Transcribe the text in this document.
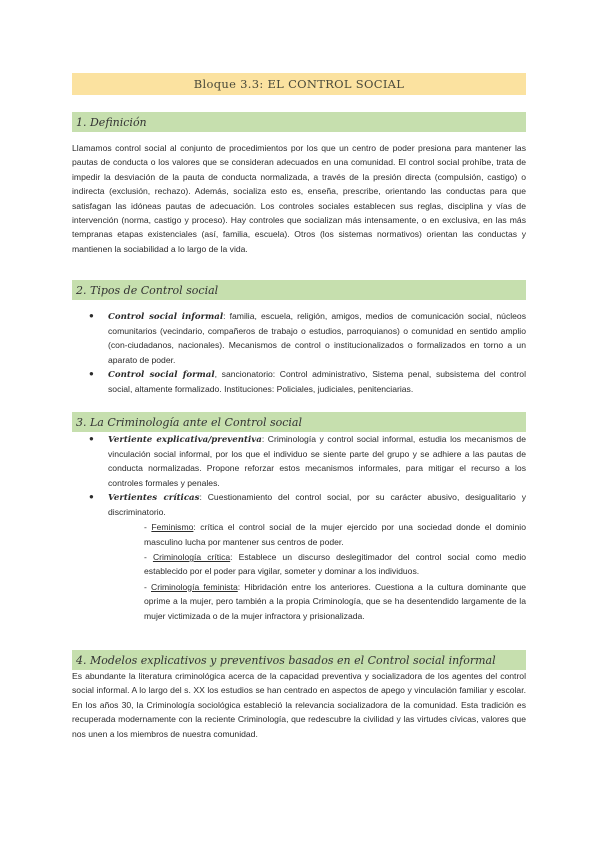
Bloque 3.3: EL CONTROL SOCIAL
1. Definición

Llamamos control social al conjunto de procedimientos por los que un centro de poder presiona para mantener las pautas de conducta o los valores que se consideran adecuados en una comunidad. El control social prohíbe, trata de impedir la desviación de la pauta de conducta normalizada, a través de la presión directa (compulsión, castigo) o indirecta (exclusión, rechazo). Además, socializa esto es, enseña, prescribe, orientando las conductas para que satisfagan las idóneas pautas de adecuación. Los controles sociales establecen sus reglas, disciplina y vías de intervención (norma, castigo y proceso). Hay controles que socializan más intensamente, o en exclusiva, en las más tempranas etapas existenciales (así, familia, escuela). Otros (los sistemas normativos) orientan las conductas y mantienen la sociabilidad a lo largo de la vida.

2. Tipos de Control social
● Control social informal: familia, escuela, religión, amigos, medios de comunicación social, núcleos comunitarios (vecindario, compañeros de trabajo o estudios, parroquianos) o comunidad en sentido amplio (con-ciudadanos, nacionales). Mecanismos de control o institucionalizados o formalizados en torno a un aparato de poder.
● Control social formal, sancionatorio: Control administrativo, Sistema penal, subsistema del control social, altamente formalizado. Instituciones: Policiales, judiciales, penitenciarias.
3. La Criminología ante el Control social
● Vertiente explicativa/preventiva: Criminología y control social informal, estudia los mecanismos de vinculación social informal, por los que el individuo se siente parte del grupo y se adhiere a las pautas de conducta normalizadas. Propone reforzar estos mecanismos informales, para mitigar el recurso a los controles formales y penales.
● Vertientes críticas: Cuestionamiento del control social, por su carácter abusivo, desigualitario y discriminatorio.
- Feminismo: crítica el control social de la mujer ejercido por una sociedad donde el dominio masculino lucha por mantener sus centros de poder.
- Criminología crítica: Establece un discurso deslegitimador del control social como medio establecido por el poder para vigilar, someter y dominar a los individuos.
- Criminología feminista: Hibridación entre los anteriores. Cuestiona a la cultura dominante que oprime a la mujer, pero también a la propia Criminología, que se ha desentendido largamente de la mujer victimizada o de la mujer infractora y prisionalizada.
4. Modelos explicativos y preventivos basados en el Control social informal

Es abundante la literatura criminológica acerca de la capacidad preventiva y socializadora de los agentes del control social informal. A lo largo del s. XX los estudios se han centrado en aspectos de apego y vinculación familiar y escolar. En los años 30, la Criminología sociológica estableció la relevancia socializadora de la comunidad. Esta tradición es recuperada modernamente con la reciente Criminología, que redescubre la civilidad y las virtudes cívicas, valores que nos unen a los miembros de nuestra comunidad.
